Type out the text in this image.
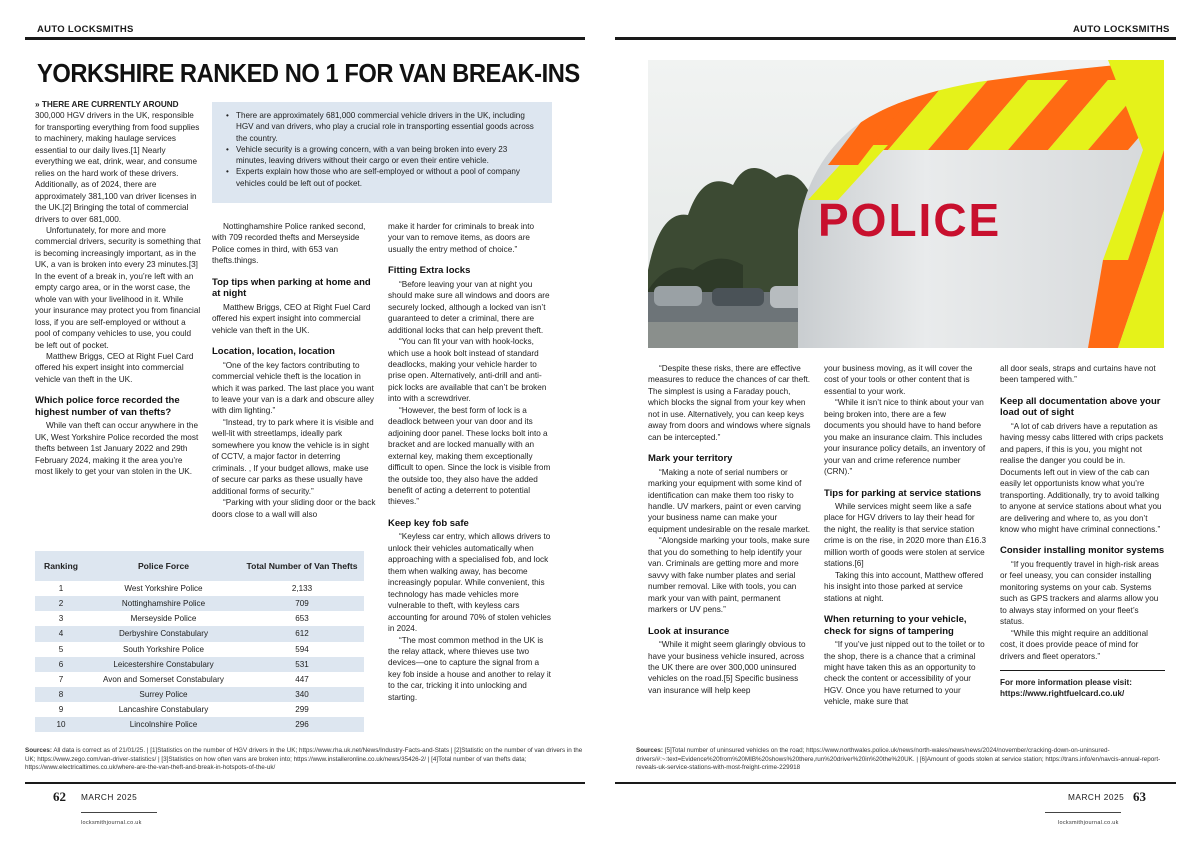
AUTO LOCKSMITHS	AUTO LOCKSMITHS
YORKSHIRE RANKED NO 1 FOR VAN BREAK-INS

» THERE ARE CURRENTLY AROUND 300,000 HGV drivers in the UK, responsible for transporting everything from food supplies to machinery, making haulage services essential to our daily lives.[1] Nearly everything we eat, drink, wear, and consume relies on the hard work of these drivers. Additionally, as of 2024, there are approximately 381,100 van driver licenses in the UK.[2] Bringing the total of commercial drivers to over 681,000.

Unfortunately, for more and more commercial drivers, security is something that is becoming increasingly important, as in the UK, a van is broken into every 23 minutes.[3] In the event of a break in, you’re left with an empty cargo area, or in the worst case, the whole van with your livelihood in it. While your insurance may protect you from financial loss, if you are self-employed or without a pool of company vehicles to use, you could be left out of pocket.

Matthew Briggs, CEO at Right Fuel Card offered his expert insight into commercial vehicle van theft in the UK.

Which police force recorded the highest number of van thefts?

While van theft can occur anywhere in the UK, West Yorkshire Police recorded the most thefts between 1st January 2022 and 29th February 2024, making it the area you’re most likely to get your van stolen in the UK.

• There are approximately 681,000 commercial vehicle drivers in the UK, including HGV and van drivers, who play a crucial role in transporting essential goods across the country.
• Vehicle security is a growing concern, with a van being broken into every 23 minutes, leaving drivers without their cargo or even their entire vehicle.
• Experts explain how those who are self-employed or without a pool of company vehicles could be left out of pocket.

Nottinghamshire Police ranked second, with 709 recorded thefts and Merseyside Police comes in third, with 653 van thefts.things.

Top tips when parking at home and at night

Matthew Briggs, CEO at Right Fuel Card offered his expert insight into commercial vehicle van theft in the UK.

Location, location, location

“One of the key factors contributing to commercial vehicle theft is the location in which it was parked. The last place you want to leave your van is a dark and obscure alley with dim lighting.”

“Instead, try to park where it is visible and well-lit with streetlamps, ideally park somewhere you know the vehicle is in sight of CCTV, a major factor in deterring criminals. , If your budget allows, make use of secure car parks as these usually have additional forms of security.”

“Parking with your sliding door or the back doors close to a wall will also

make it harder for criminals to break into your van to remove items, as doors are usually the entry method of choice.”

Fitting Extra locks

“Before leaving your van at night you should make sure all windows and doors are securely locked, although a locked van isn’t guaranteed to deter a criminal, there are additional locks that can help prevent theft.

“You can fit your van with hook-locks, which use a hook bolt instead of standard deadlocks, making your vehicle harder to prise open. Alternatively, anti-drill and anti-pick locks are available that can’t be broken into with a screwdriver.

“However, the best form of lock is a deadlock between your van door and its adjoining door panel. These locks bolt into a bracket and are locked manually with an external key, making them exceptionally difficult to open. Since the lock is visible from the outside too, they also have the added benefit of acting a deterrent to potential thieves.”

Keep key fob safe

“Keyless car entry, which allows drivers to unlock their vehicles automatically when approaching with a specialised fob, and lock them when walking away, has become increasingly popular. While convenient, this technology has made vehicles more vulnerable to theft, with keyless cars accounting for around 70% of stolen vehicles in 2024.

“The most common method in the UK is the relay attack, where thieves use two devices—one to capture the signal from a key fob inside a house and another to relay it to the car, tricking it into unlocking and starting.

Ranking	Police Force	Total Number of Van Thefts
1	West Yorkshire Police	2,133
2	Nottinghamshire Police	709
3	Merseyside Police	653
4	Derbyshire Constabulary	612
5	South Yorkshire Police	594
6	Leicestershire Constabulary	531
7	Avon and Somerset Constabulary	447
8	Surrey Police	340
9	Lancashire Constabulary	299
10	Lincolnshire Police	296
POLICE

“Despite these risks, there are effective measures to reduce the chances of car theft. The simplest is using a Faraday pouch, which blocks the signal from your key when not in use. Alternatively, you can keep keys away from doors and windows where signals can be intercepted.”

Mark your territory

“Making a note of serial numbers or marking your equipment with some kind of identification can make them too risky to handle. UV markers, paint or even carving your business name can make your equipment undesirable on the resale market.

“Alongside marking your tools, make sure that you do something to help identify your van. Criminals are getting more and more savvy with fake number plates and serial number removal. Like with tools, you can mark your van with paint, permanent markers or UV pens.”

Look at insurance

“While it might seem glaringly obvious to have your business vehicle insured, across the UK there are over 300,000 uninsured vehicles on the road.[5] Specific business van insurance will help keep

your business moving, as it will cover the cost of your tools or other content that is essential to your work.

“While it isn’t nice to think about your van being broken into, there are a few documents you should have to hand before you make an insurance claim. This includes your insurance policy details, an inventory of your van and crime reference number (CRN).”

Tips for parking at service stations

While services might seem like a safe place for HGV drivers to lay their head for the night, the reality is that service station crime is on the rise, in 2020 more than £16.3 million worth of goods were stolen at service stations.[6]

Taking this into account, Matthew offered his insight into those parked at service stations at night.

When returning to your vehicle, check for signs of tampering

“If you’ve just nipped out to the toilet or to the shop, there is a chance that a criminal might have taken this as an opportunity to check the content or accessibility of your HGV. Once you have returned to your vehicle, make sure that

all door seals, straps and curtains have not been tampered with.”

Keep all documentation above your load out of sight

“A lot of cab drivers have a reputation as having messy cabs littered with crips packets and papers, if this is you, you might not realise the danger you could be in. Documents left out in view of the cab can easily let opportunists know what you’re transporting. Additionally, try to avoid talking to anyone at service stations about what you are delivering and where to, as you don’t know who might have criminal connections.”

Consider installing monitor systems

“If you frequently travel in high-risk areas or feel uneasy, you can consider installing monitoring systems on your cab. Systems such as GPS trackers and alarms allow you to always stay informed on your fleet’s status.

“While this might require an additional cost, it does provide peace of mind for drivers and fleet operators.”

For more information please visit: https://www.rightfuelcard.co.uk/

Sources: All data is correct as of 21/01/25. | [1]Statistics on the number of HGV drivers in the UK; https://www.rha.uk.net/News/Industry-Facts-and-Stats | [2]Statistic on the number of van drivers in the UK; https://www.zego.com/van-driver-statistics/ | [3]Statistics on how often vans are broken into; https://www.installeronline.co.uk/news/35426-2/ | [4]Total number of van thefts data; https://www.electricaltimes.co.uk/where-are-the-van-theft-and-break-in-hotspots-of-the-uk/
Sources: [5]Total number of uninsured vehicles on the road; https://www.northwales.police.uk/news/north-wales/news/news/2024/november/cracking-down-on-uninsured-drivers/#:~:text=Evidence%20from%20MIB%20shows%20there,run%20driver%20in%20the%20UK. | [6]Amount of goods stolen at service station; https://trans.info/en/navcis-annual-report-reveals-uk-service-stations-with-most-freight-crime-229918
62 MARCH 2025
locksmithjournal.co.uk
MARCH 2025 63
locksmithjournal.co.uk
